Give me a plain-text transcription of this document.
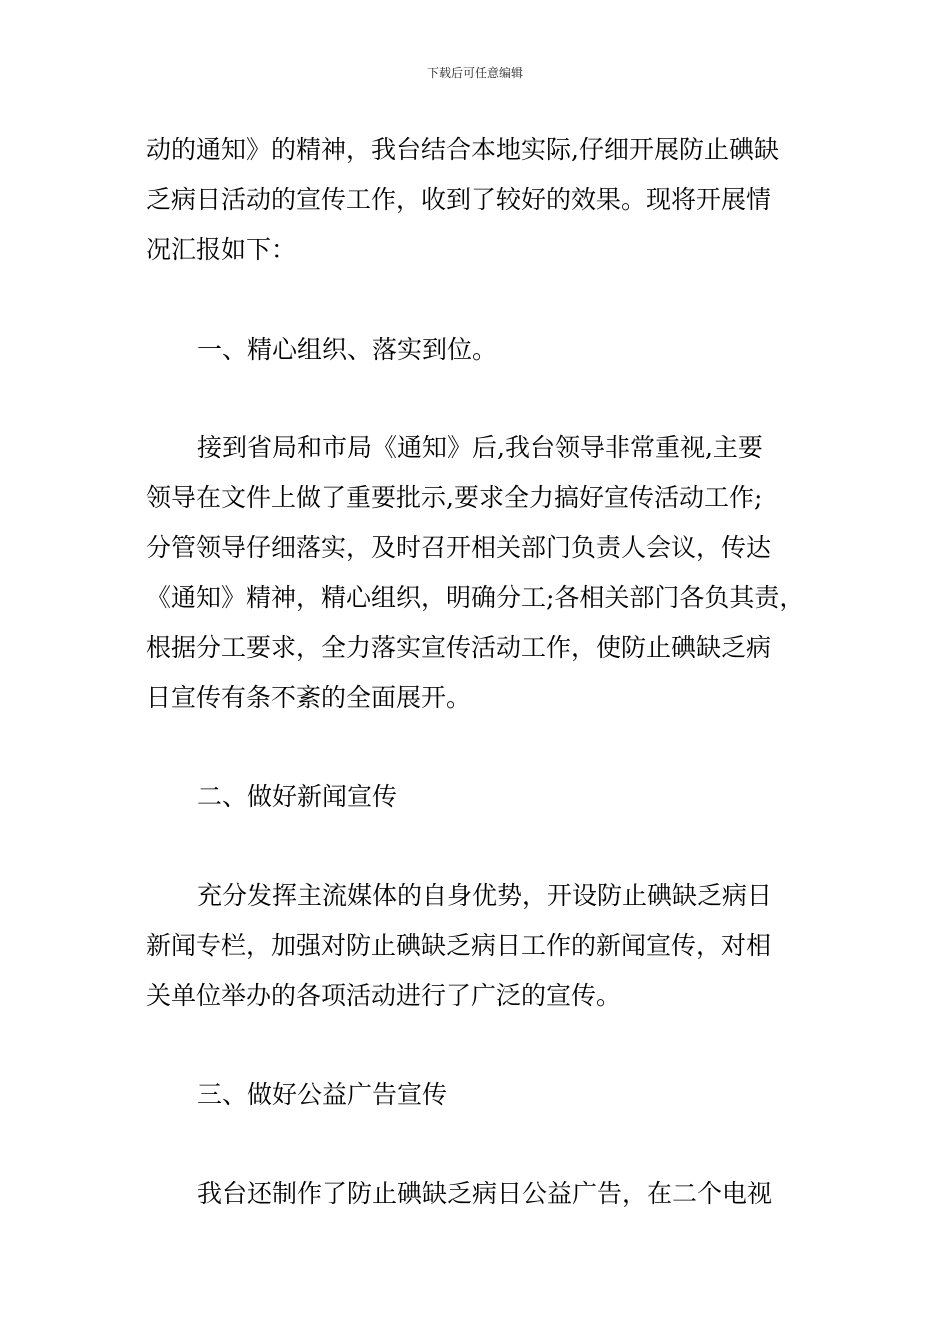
下载后可任意编辑
动的通知》的精神，我台结合本地实际,仔细开展防止碘缺
乏病日活动的宣传工作，收到了较好的效果。现将开展情
况汇报如下：
一、精心组织、落实到位。
接到省局和市局《通知》后,我台领导非常重视,主要
领导在文件上做了重要批示,要求全力搞好宣传活动工作;
分管领导仔细落实，及时召开相关部门负责人会议，传达
《通知》精神，精心组织，明确分工;各相关部门各负其责，
根据分工要求，全力落实宣传活动工作，使防止碘缺乏病
日宣传有条不紊的全面展开。
二、做好新闻宣传
充分发挥主流媒体的自身优势，开设防止碘缺乏病日
新闻专栏，加强对防止碘缺乏病日工作的新闻宣传，对相
关单位举办的各项活动进行了广泛的宣传。
三、做好公益广告宣传
我台还制作了防止碘缺乏病日公益广告，在二个电视
